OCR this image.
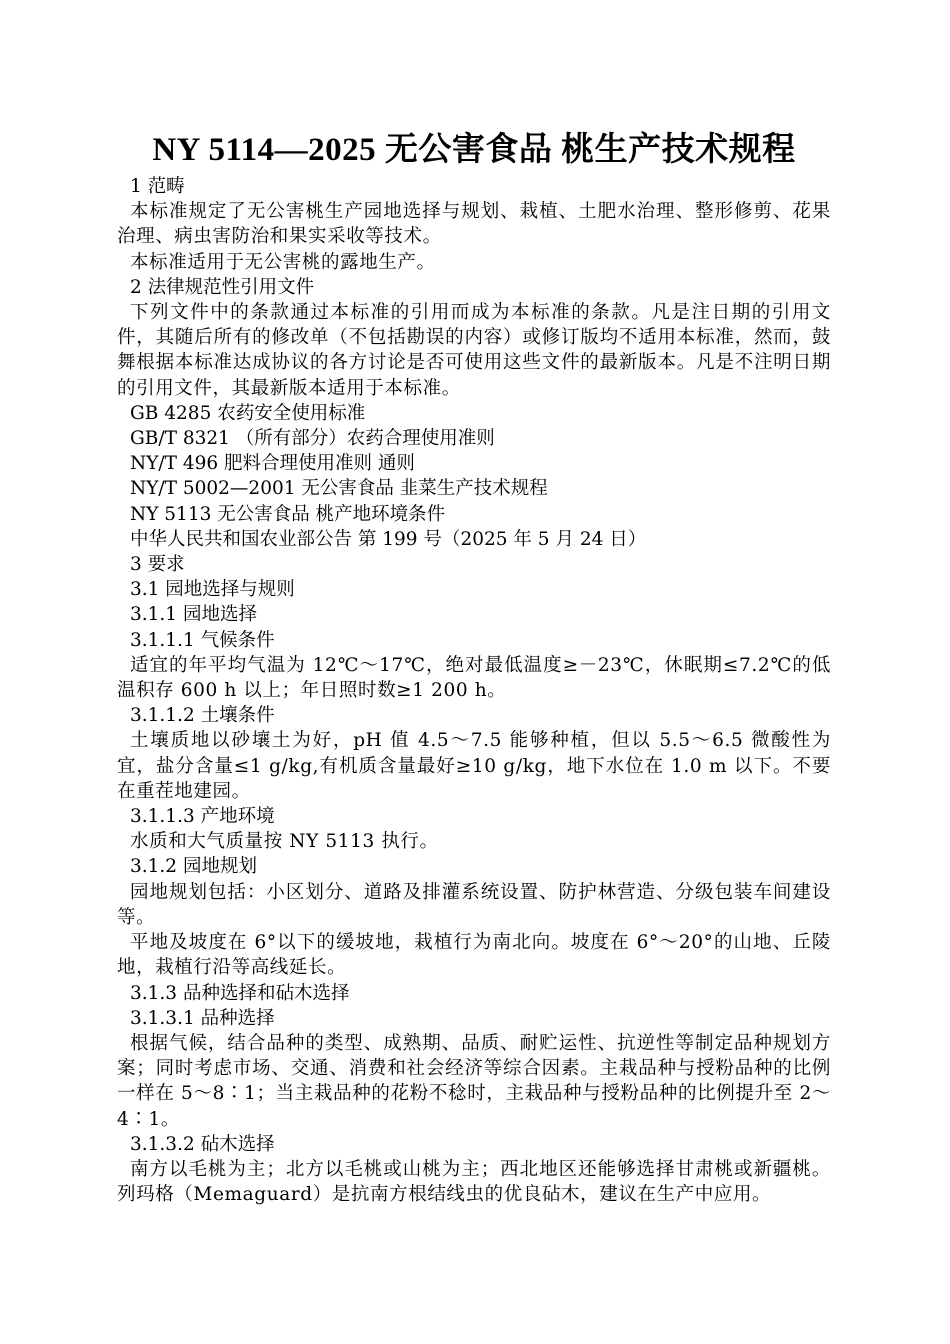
NY 5114—2025 无公害食品 桃生产技术规程
1 范畴

本标准规定了无公害桃生产园地选择与规划、栽植、土肥水治理、整形修剪、花果治理、病虫害防治和果实采收等技术。

本标准适用于无公害桃的露地生产。

2 法律规范性引用文件

下列文件中的条款通过本标准的引用而成为本标准的条款。凡是注日期的引用文件，其随后所有的修改单（不包括勘误的内容）或修订版均不适用本标准，然而，鼓舞根据本标准达成协议的各方讨论是否可使用这些文件的最新版本。凡是不注明日期的引用文件，其最新版本适用于本标准。

GB 4285 农药安全使用标准
GB/T 8321 （所有部分）农药合理使用准则
NY/T 496 肥料合理使用准则 通则
NY/T 5002—2001 无公害食品 韭菜生产技术规程
NY 5113 无公害食品 桃产地环境条件
中华人民共和国农业部公告 第 199 号（2025 年 5 月 24 日）
3 要求
3.1 园地选择与规则
3.1.1 园地选择
3.1.1.1 气候条件

适宜的年平均气温为 12℃～17℃，绝对最低温度≥－23℃，休眠期≤7.2℃的低温积存 600 h 以上；年日照时数≥1 200 h。

3.1.1.2 土壤条件

土壤质地以砂壤土为好，pH 值 4.5～7.5 能够种植，但以 5.5～6.5 微酸性为宜，盐分含量≤1 g/kg,有机质含量最好≥10 g/kg，地下水位在 1.0 m 以下。不要在重茬地建园。

3.1.1.3 产地环境

水质和大气质量按 NY 5113 执行。

3.1.2 园地规划

园地规划包括：小区划分、道路及排灌系统设置、防护林营造、分级包装车间建设等。

平地及坡度在 6°以下的缓坡地，栽植行为南北向。坡度在 6°～20°的山地、丘陵地，栽植行沿等高线延长。

3.1.3 品种选择和砧木选择
3.1.3.1 品种选择

根据气候，结合品种的类型、成熟期、品质、耐贮运性、抗逆性等制定品种规划方案；同时考虑市场、交通、消费和社会经济等综合因素。主栽品种与授粉品种的比例一样在 5～8∶1；当主栽品种的花粉不稔时，主栽品种与授粉品种的比例提升至 2～4∶1。

3.1.3.2 砧木选择

南方以毛桃为主；北方以毛桃或山桃为主；西北地区还能够选择甘肃桃或新疆桃。列玛格（Memaguard）是抗南方根结线虫的优良砧木，建议在生产中应用。
